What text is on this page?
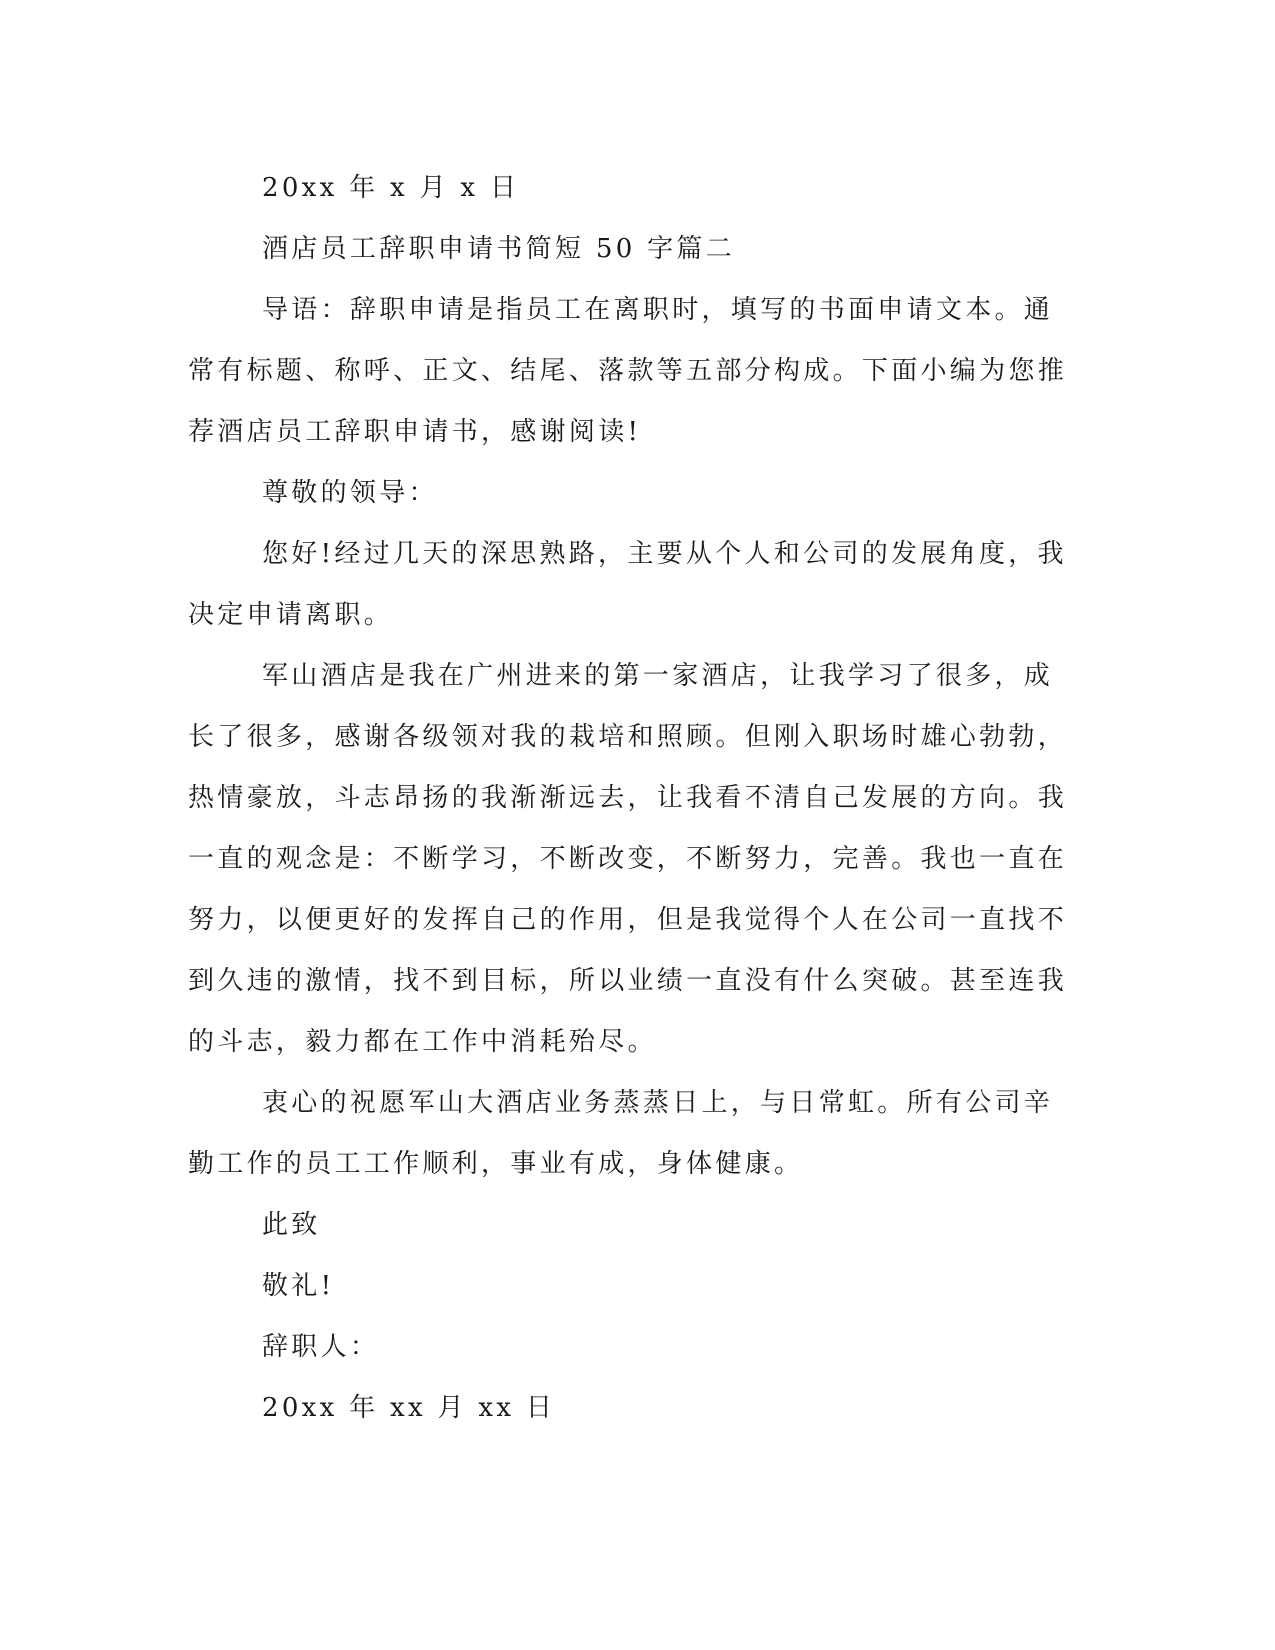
20xx 年 x 月 x 日

酒店员工辞职申请书简短 50 字篇二

导语：辞职申请是指员工在离职时，填写的书面申请文本。通常有标题、称呼、正文、结尾、落款等五部分构成。下面小编为您推荐酒店员工辞职申请书，感谢阅读!

尊敬的领导：

您好!经过几天的深思熟路，主要从个人和公司的发展角度，我决定申请离职。

军山酒店是我在广州进来的第一家酒店，让我学习了很多，成长了很多，感谢各级领对我的栽培和照顾。但刚入职场时雄心勃勃，热情豪放，斗志昂扬的我渐渐远去，让我看不清自己发展的方向。我一直的观念是：不断学习，不断改变，不断努力，完善。我也一直在努力，以便更好的发挥自己的作用，但是我觉得个人在公司一直找不到久违的激情，找不到目标，所以业绩一直没有什么突破。甚至连我的斗志，毅力都在工作中消耗殆尽。

衷心的祝愿军山大酒店业务蒸蒸日上，与日常虹。所有公司辛勤工作的员工工作顺利，事业有成，身体健康。

此致

敬礼!

辞职人：

20xx 年 xx 月 xx 日
